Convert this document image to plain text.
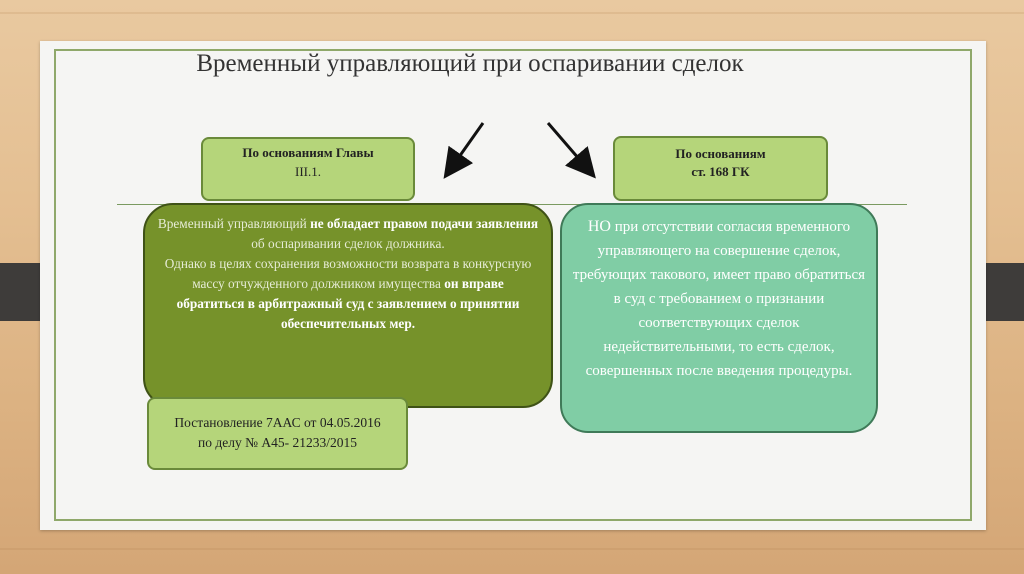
Временный управляющий при оспаривании сделок
По основаниям Главы
III.1.
По основаниям
ст. 168 ГК
Временный управляющий не обладает правом подачи заявления об оспаривании сделок должника.
Однако в целях сохранения возможности возврата в конкурсную массу отчужденного должником имущества он вправе обратиться в арбитражный суд с заявлением о принятии обеспечительных мер.
НО при отсутствии согласия временного управляющего на совершение сделок, требующих такового, имеет право обратиться в суд с требованием о признании соответствующих сделок недействительными, то есть сделок, совершенных после введения процедуры.
Постановление 7ААС от 04.05.2016
по делу № А45- 21233/2015
